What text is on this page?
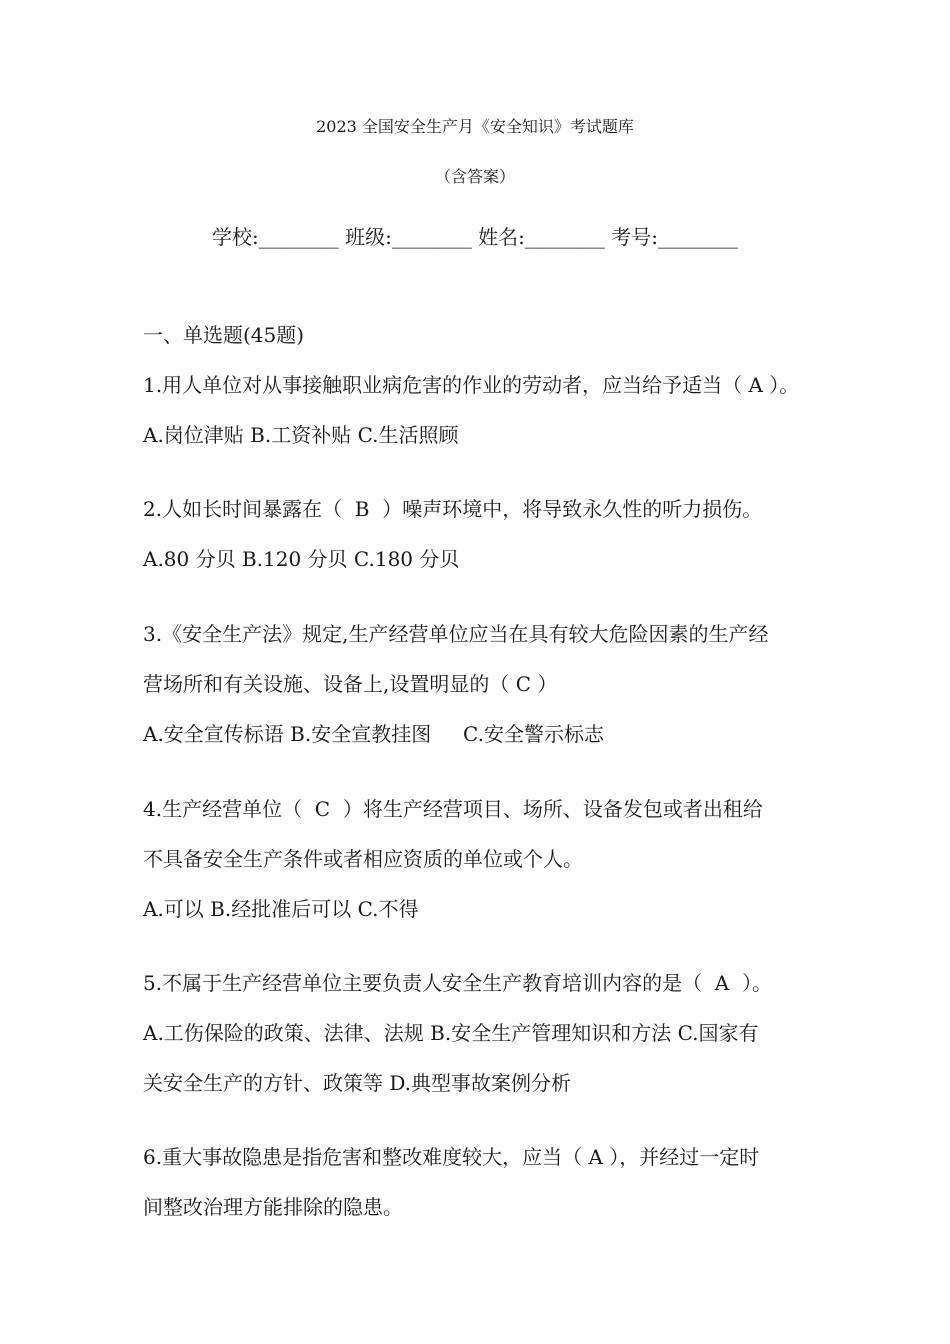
2023 全国安全生产月《安全知识》考试题库
（含答案）
学校:________ 班级:________ 姓名:________ 考号:________
一、单选题(45题)
1.用人单位对从事接触职业病危害的作业的劳动者，应当给予适当（ A ）。
A.岗位津贴 B.工资补贴 C.生活照顾
2.人如长时间暴露在（  B  ）噪声环境中，将导致永久性的听力损伤。
A.80 分贝 B.120 分贝 C.180 分贝
3.《安全生产法》规定,生产经营单位应当在具有较大危险因素的生产经
营场所和有关设施、设备上,设置明显的（ C ）
A.安全宣传标语 B.安全宣教挂图     C.安全警示标志
4.生产经营单位（  C  ）将生产经营项目、场所、设备发包或者出租给
不具备安全生产条件或者相应资质的单位或个人。
A.可以 B.经批准后可以 C.不得
5.不属于生产经营单位主要负责人安全生产教育培训内容的是（  A  ）。
A.工伤保险的政策、法律、法规 B.安全生产管理知识和方法 C.国家有
关安全生产的方针、政策等 D.典型事故案例分析
6.重大事故隐患是指危害和整改难度较大，应当（ A ），并经过一定时
间整改治理方能排除的隐患。
